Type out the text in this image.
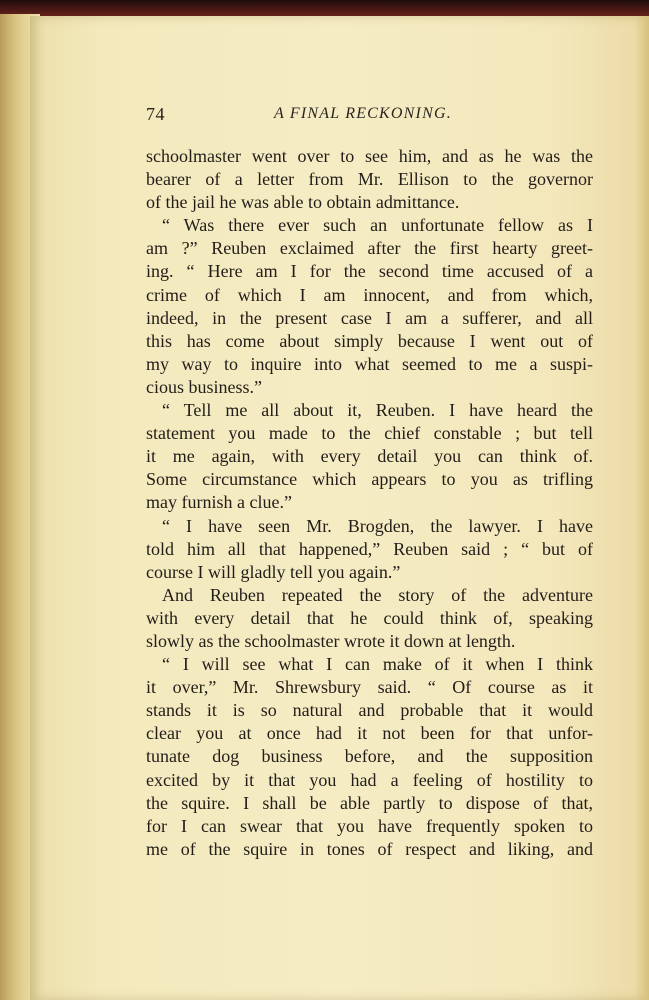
74	A FINAL RECKONING.
schoolmaster went over to see him, and as he was the
bearer of a letter from Mr. Ellison to the governor
of the jail he was able to obtain admittance.
“ Was there ever such an unfortunate fellow as I
am ?” Reuben exclaimed after the first hearty greet-
ing. “ Here am I for the second time accused of a
crime of which I am innocent, and from which,
indeed, in the present case I am a sufferer, and all
this has come about simply because I went out of
my way to inquire into what seemed to me a suspi-
cious business.”
“ Tell me all about it, Reuben. I have heard the
statement you made to the chief constable ; but tell
it me again, with every detail you can think of.
Some circumstance which appears to you as trifling
may furnish a clue.”
“ I have seen Mr. Brogden, the lawyer. I have
told him all that happened,” Reuben said ; “ but of
course I will gladly tell you again.”
And Reuben repeated the story of the adventure
with every detail that he could think of, speaking
slowly as the schoolmaster wrote it down at length.
“ I will see what I can make of it when I think
it over,” Mr. Shrewsbury said. “ Of course as it
stands it is so natural and probable that it would
clear you at once had it not been for that unfor-
tunate dog business before, and the supposition
excited by it that you had a feeling of hostility to
the squire. I shall be able partly to dispose of that,
for I can swear that you have frequently spoken to
me of the squire in tones of respect and liking, and
